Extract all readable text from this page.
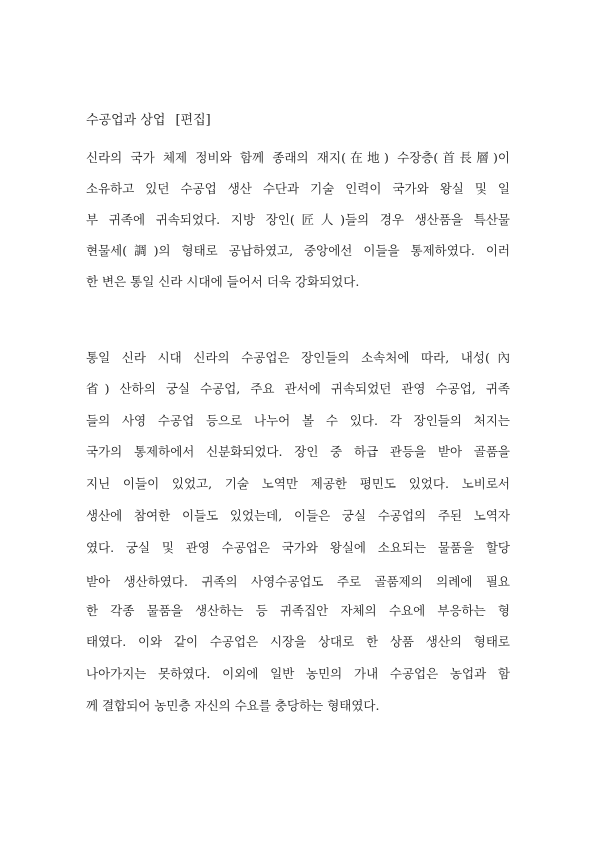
수공업과 상업 [편집]
신라의 국가 체제 정비와 함께 종래의 재지(在地) 수장층(首長層)이
소유하고 있던 수공업 생산 수단과 기술 인력이 국가와 왕실 및 일
부 귀족에 귀속되었다. 지방 장인(匠人)들의 경우 생산품을 특산물
현물세(調)의 형태로 공납하였고, 중앙에선 이들을 통제하였다. 이러
한 변은 통일 신라 시대에 들어서 더욱 강화되었다.
통일 신라 시대 신라의 수공업은 장인들의 소속처에 따라, 내성(內
省) 산하의 궁실 수공업, 주요 관서에 귀속되었던 관영 수공업, 귀족
들의 사영 수공업 등으로 나누어 볼 수 있다. 각 장인들의 처지는
국가의 통제하에서 신분화되었다. 장인 중 하급 관등을 받아 골품을
지닌 이들이 있었고, 기술 노역만 제공한 평민도 있었다. 노비로서
생산에 참여한 이들도 있었는데, 이들은 궁실 수공업의 주된 노역자
였다. 궁실 및 관영 수공업은 국가와 왕실에 소요되는 물품을 할당
받아 생산하였다. 귀족의 사영수공업도 주로 골품제의 의례에 필요
한 각종 물품을 생산하는 등 귀족집안 자체의 수요에 부응하는 형
태였다. 이와 같이 수공업은 시장을 상대로 한 상품 생산의 형태로
나아가지는 못하였다. 이외에 일반 농민의 가내 수공업은 농업과 함
께 결합되어 농민층 자신의 수요를 충당하는 형태였다.
